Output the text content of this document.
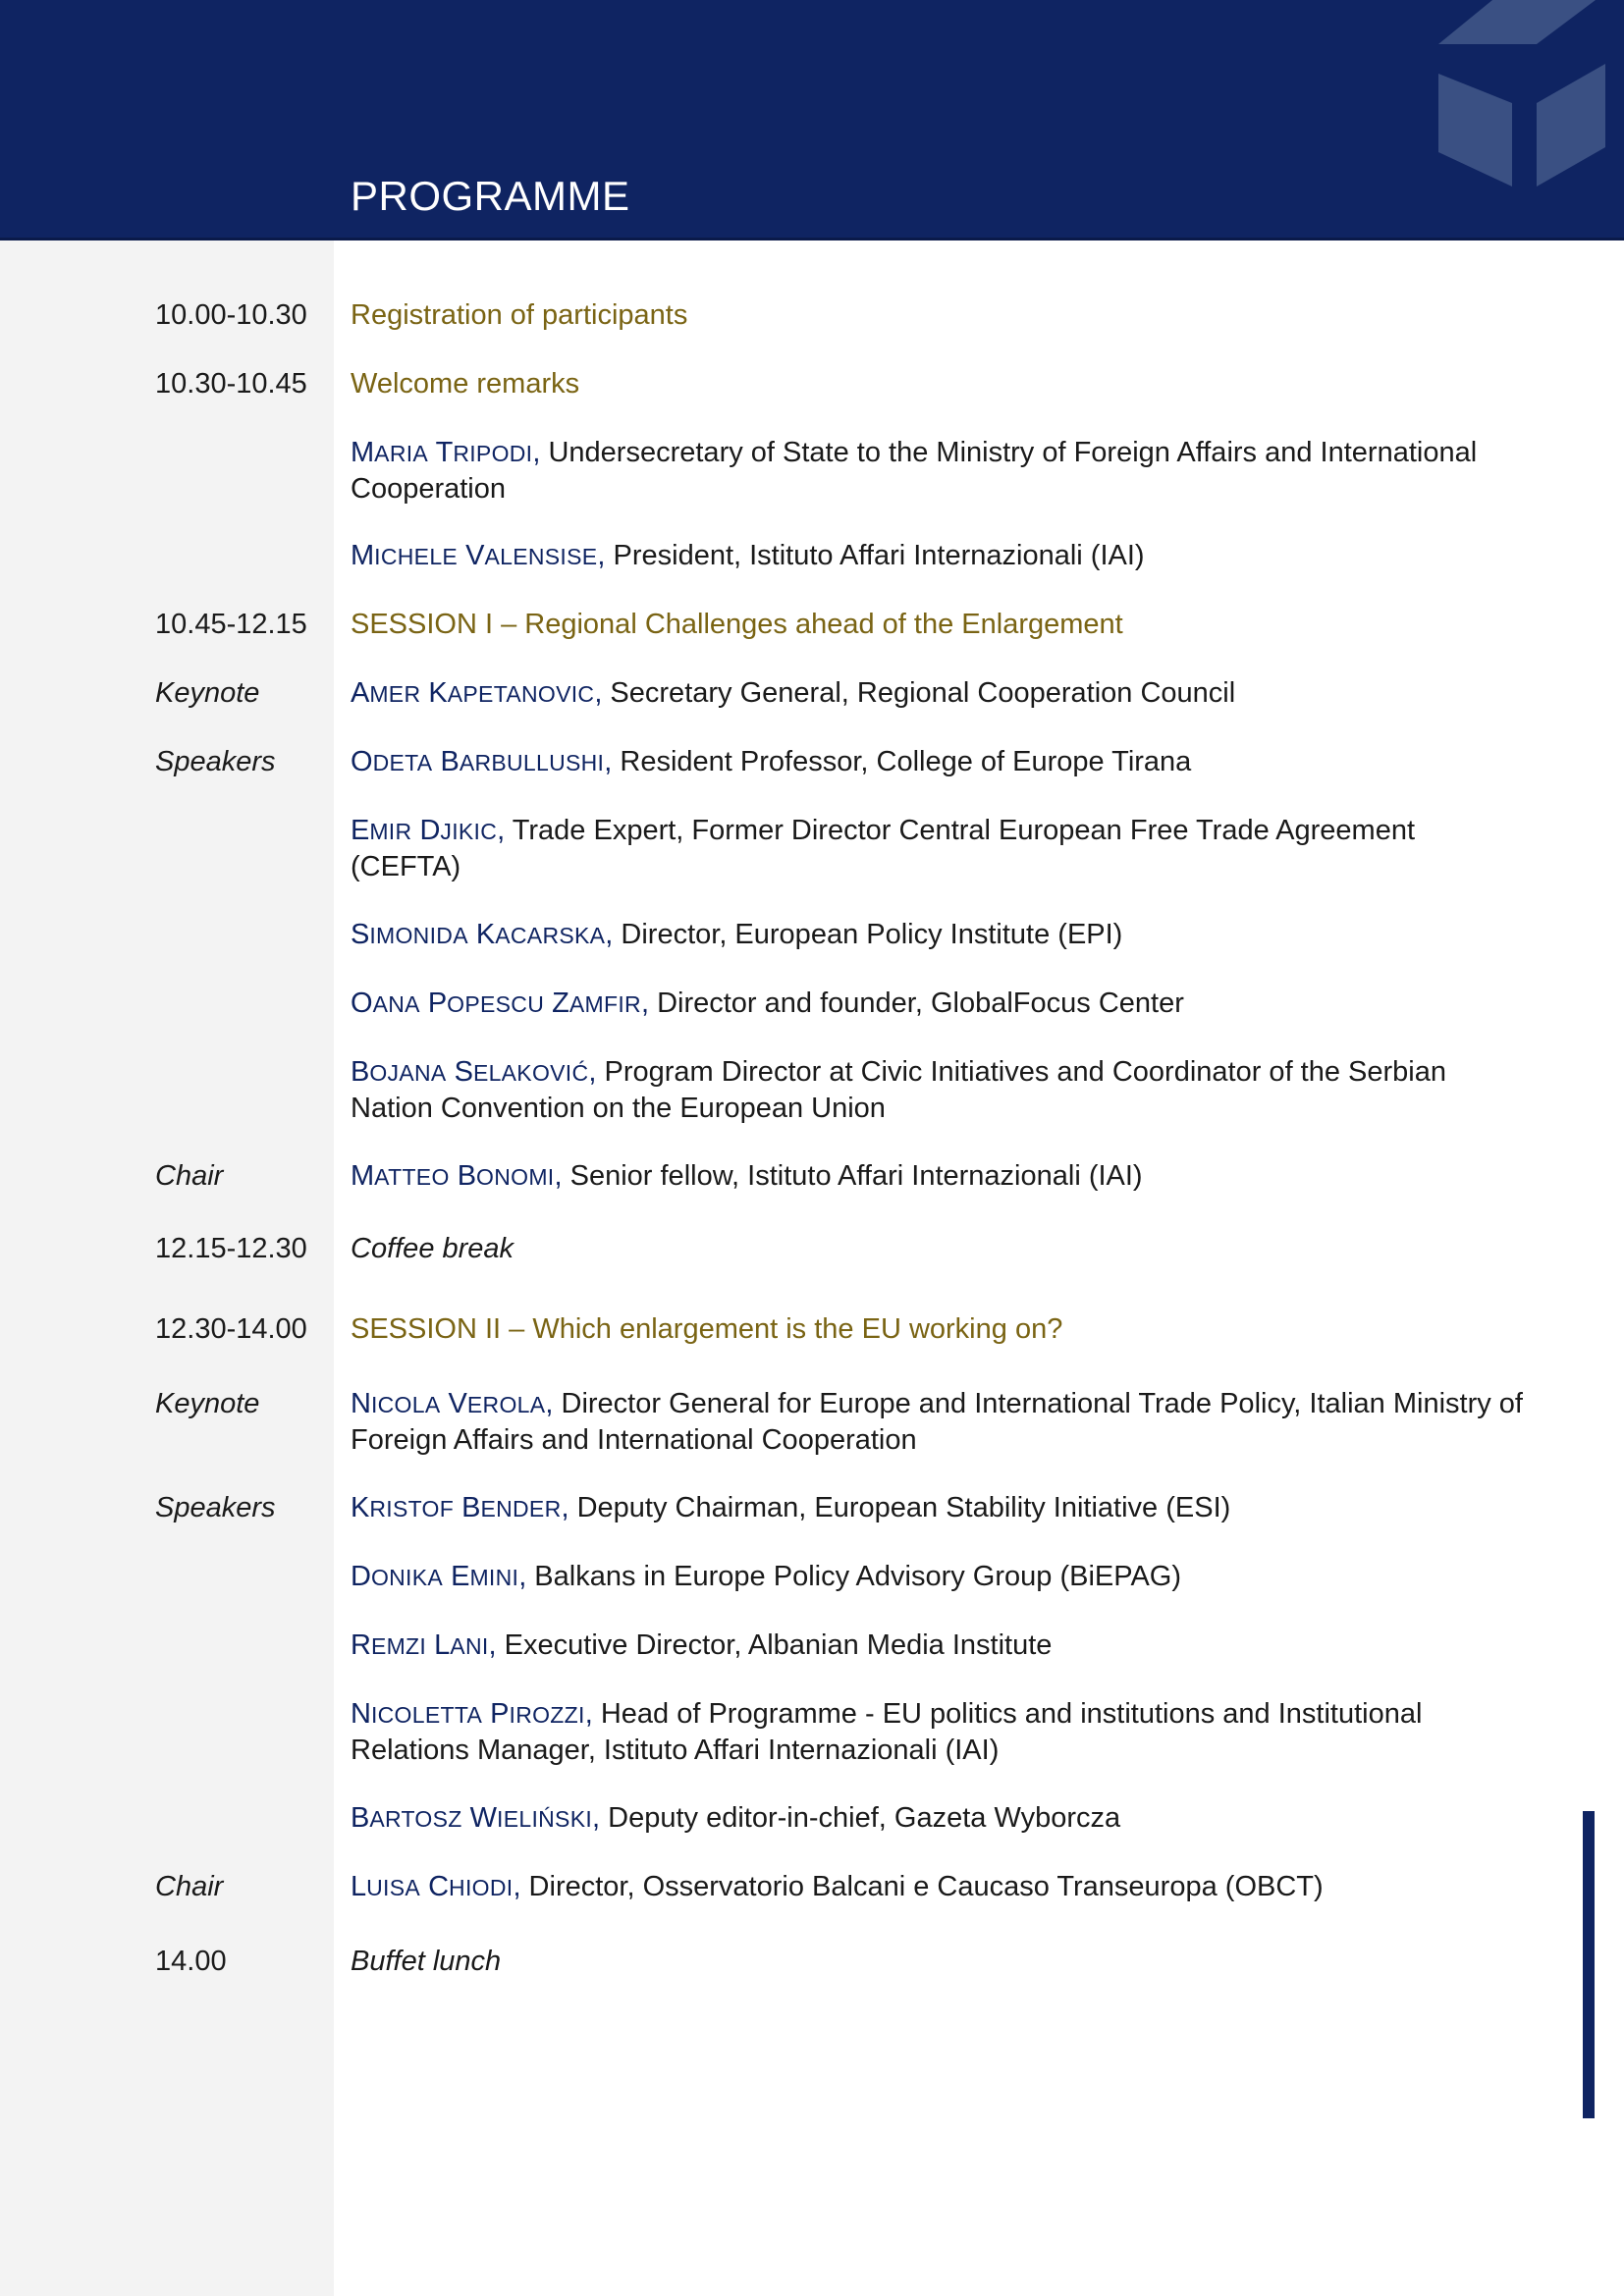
PROGRAMME
10.00-10.30 Registration of participants
10.30-10.45 Welcome remarks
MARIA TRIPODI, Undersecretary of State to the Ministry of Foreign Affairs and International Cooperation
MICHELE VALENSISE, President, Istituto Affari Internazionali (IAI)
10.45-12.15 SESSION I – Regional Challenges ahead of the Enlargement
Keynote	AMER KAPETANOVIC, Secretary General, Regional Cooperation Council
Speakers	ODETA BARBULLUSHI, Resident Professor, College of Europe Tirana
EMIR DJIKIC, Trade Expert, Former Director Central European Free Trade Agreement (CEFTA)
SIMONIDA KACARSKA, Director, European Policy Institute (EPI)
OANA POPESCU ZAMFIR, Director and founder, GlobalFocus Center
BOJANA SELAKOVIĆ, Program Director at Civic Initiatives and Coordinator of the Serbian Nation Convention on the European Union
Chair	MATTEO BONOMI, Senior fellow, Istituto Affari Internazionali (IAI)
12.15-12.30 Coffee break
12.30-14.00 SESSION II – Which enlargement is the EU working on?
Keynote	NICOLA VEROLA, Director General for Europe and International Trade Policy, Italian Ministry of Foreign Affairs and International Cooperation
Speakers	KRISTOF BENDER, Deputy Chairman, European Stability Initiative (ESI)
DONIKA EMINI, Balkans in Europe Policy Advisory Group (BiEPAG)
REMZI LANI, Executive Director, Albanian Media Institute
NICOLETTA PIROZZI, Head of Programme - EU politics and institutions and Institutional Relations Manager, Istituto Affari Internazionali (IAI)
BARTOSZ WIELIŃSKI, Deputy editor-in-chief, Gazeta Wyborcza
Chair	LUISA CHIODI, Director, Osservatorio Balcani e Caucaso Transeuropa (OBCT)
14.00	Buffet lunch
